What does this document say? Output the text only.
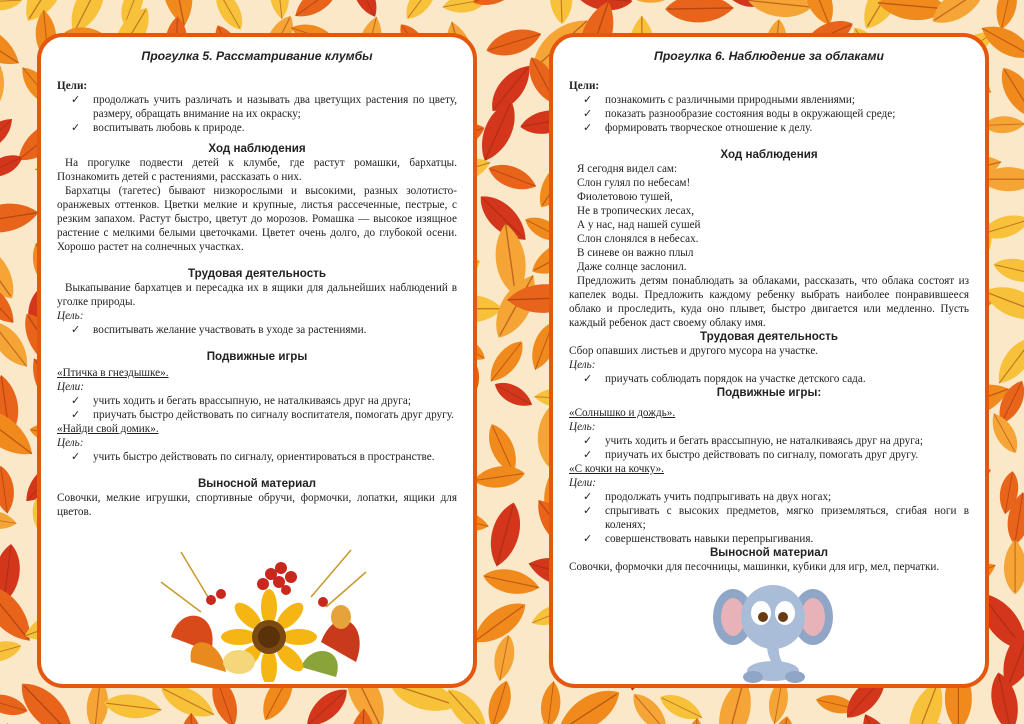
Прогулка 5. Рассматривание клумбы
Цели:
✓ продолжать учить различать и называть два цветущих растения по цвету, размеру, обращать внимание на их окраску;
✓ воспитывать любовь к природе.
Ход наблюдения

На прогулке подвести детей к клумбе, где растут ромашки, бархатцы. Познакомить детей с растениями, рассказать о них.

Бархатцы (тагетес) бывают низкорослыми и высокими, разных золотисто-оранжевых оттенков. Цветки мелкие и крупные, листья рассеченные, пестрые, с резким запахом. Растут быстро, цветут до морозов. Ромашка — высокое изящное растение с мелкими белыми цветочками. Цветет очень долго, до глубокой осени. Хорошо растет на солнечных участках.

Трудовая деятельность

Выкапывание бархатцев и пересадка их в ящики для дальнейших наблюдений в уголке природы.

Цель:
✓ воспитывать желание участвовать в уходе за растениями.
Подвижные игры
«Птичка в гнездышке».
Цели:
✓ учить ходить и бегать врассыпную, не наталкиваясь друг на друга;
✓ приучать быстро действовать по сигналу воспитателя, помогать друг другу.
«Найди свой домик».
Цель:
✓ учить быстро действовать по сигналу, ориентироваться в пространстве.
Выносной материал

Совочки, мелкие игрушки, спортивные обручи, формочки, лопатки, ящики для цветов.

Прогулка 6. Наблюдение за облаками
Цели:
✓ познакомить с различными природными явлениями;
✓ показать разнообразие состояния воды в окружающей среде;
✓ формировать творческое отношение к делу.
Ход наблюдения

Я сегодня видел сам:

Слон гулял по небесам!

Фиолетовою тушей,

Не в тропических лесах,

А у нас, над нашей сушей

Слон слонялся в небесах.

В синеве он важно плыл

Даже солнце заслонил.

Предложить детям понаблюдать за облаками, рассказать, что облака состоят из капелек воды. Предложить каждому ребенку выбрать наиболее понравившееся облако и проследить, куда оно плывет, быстро двигается или медленно. Пусть каждый ребенок даст своему облаку имя.

Трудовая деятельность

Сбор опавших листьев и другого мусора на участке.

Цель:
✓ приучать соблюдать порядок на участке детского сада.
Подвижные игры:
«Солнышко и дождь».
Цель:
✓ учить ходить и бегать врассыпную, не наталкиваясь друг на друга;
✓ приучать их быстро действовать по сигналу, помогать друг другу.
«С кочки на кочку».
Цели:
✓ продолжать учить подпрыгивать на двух ногах;
✓ спрыгивать с высоких предметов, мягко приземляться, сгибая ноги в коленях;
✓ совершенствовать навыки перепрыгивания.
Выносной материал

Совочки, формочки для песочницы, машинки, кубики для игр, мел, перчатки.
